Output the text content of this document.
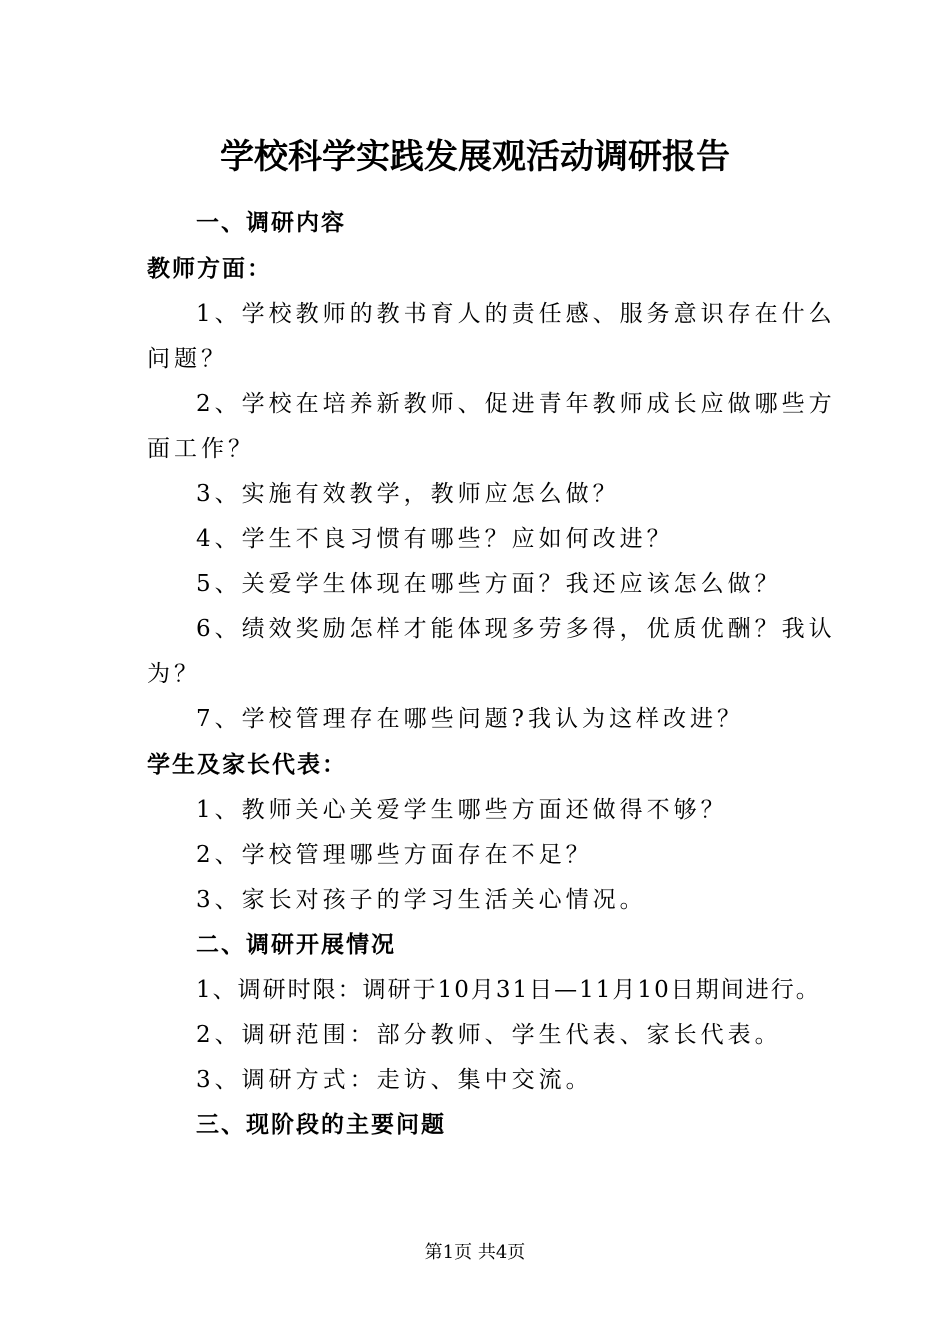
学校科学实践发展观活动调研报告
一、调研内容
教师方面：
1、学校教师的教书育人的责任感、服务意识存在什么
问题？
2、学校在培养新教师、促进青年教师成长应做哪些方
面工作？
3、实施有效教学，教师应怎么做？
4、学生不良习惯有哪些？应如何改进？
5、关爱学生体现在哪些方面？我还应该怎么做？
6、绩效奖励怎样才能体现多劳多得，优质优酬？我认
为？
7、学校管理存在哪些问题?我认为这样改进？
学生及家长代表：
1、教师关心关爱学生哪些方面还做得不够？
2、学校管理哪些方面存在不足？
3、家长对孩子的学习生活关心情况。
二、调研开展情况
1、调研时限：调研于10月31日—11月10日期间进行。
2、调研范围：部分教师、学生代表、家长代表。
3、调研方式：走访、集中交流。
三、现阶段的主要问题
第1页 共4页
